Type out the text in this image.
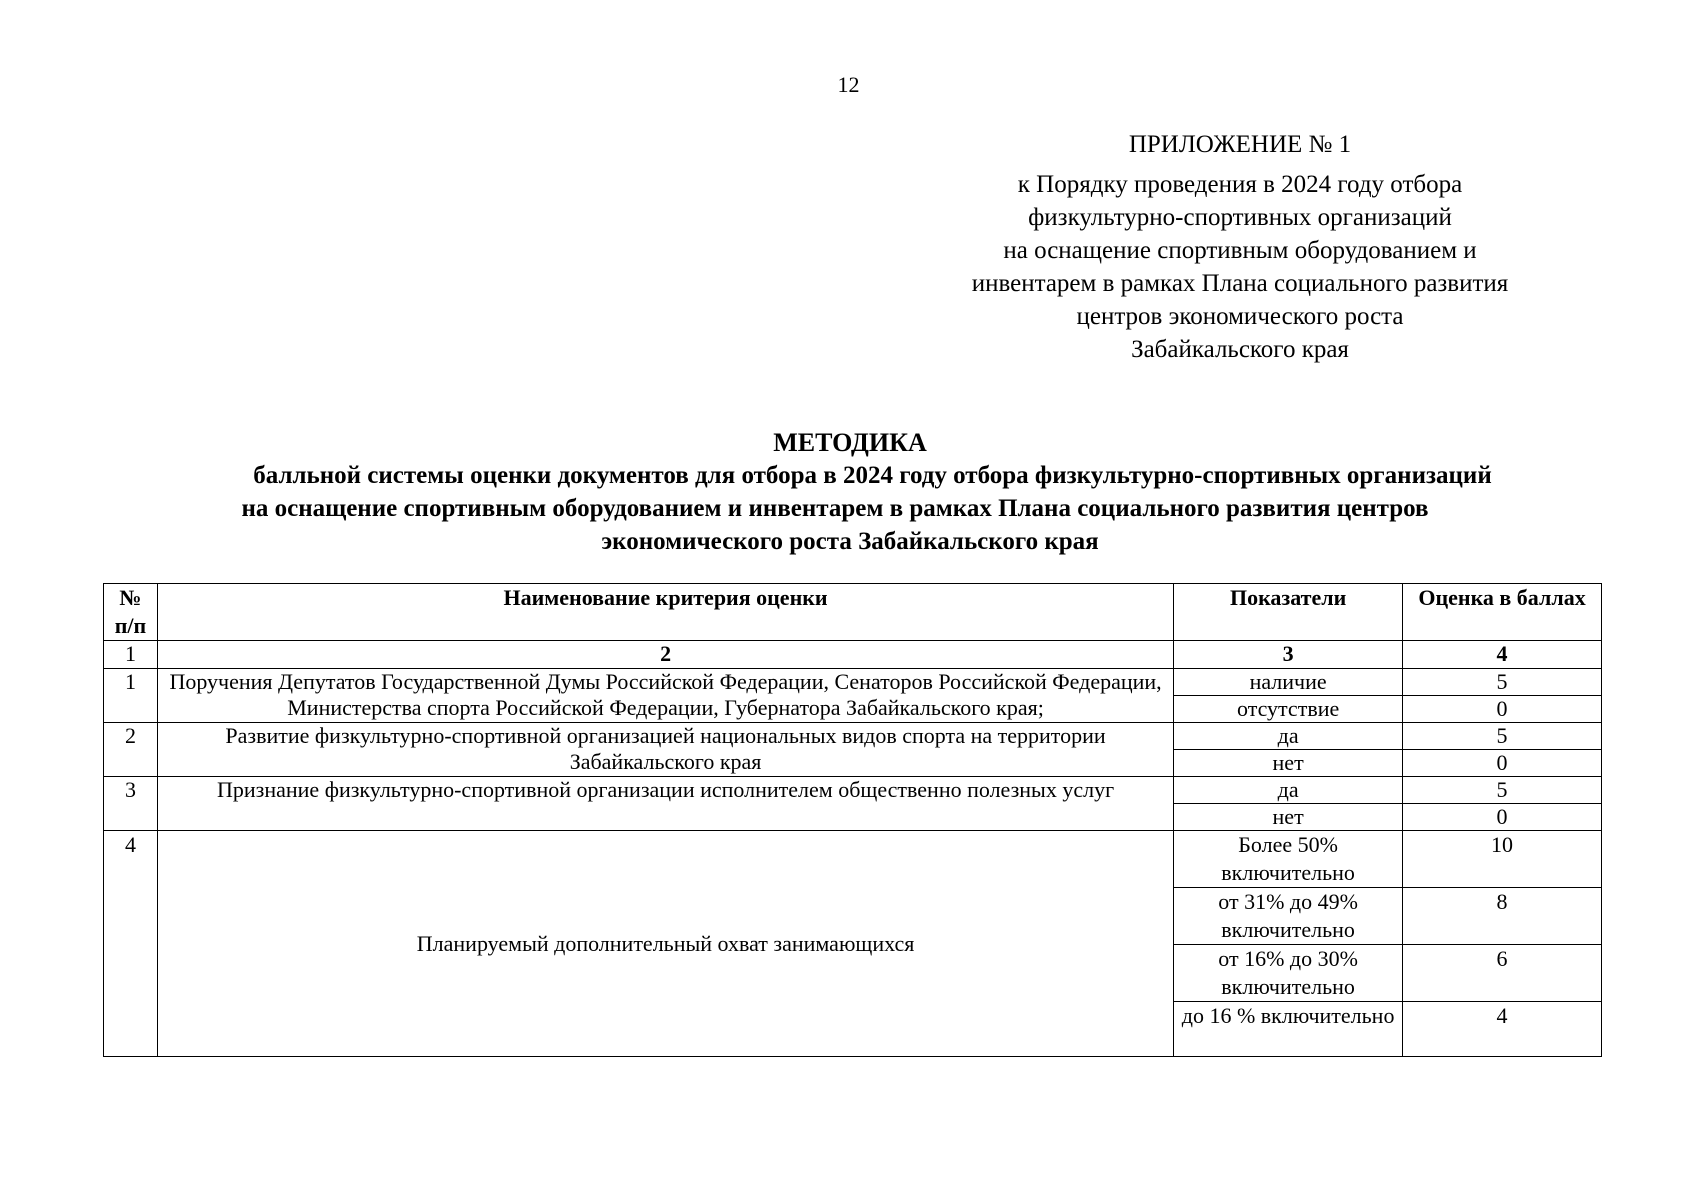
12
ПРИЛОЖЕНИЕ № 1
к Порядку проведения в 2024 году отбора
физкультурно-спортивных организаций
на оснащение спортивным оборудованием и
инвентарем в рамках Плана социального развития
центров экономического роста
Забайкальского края
МЕТОДИКА
балльной системы оценки документов для отбора в 2024 году отбора физкультурно-спортивных организаций
на оснащение спортивным оборудованием и инвентарем в рамках Плана социального развития центров
экономического роста Забайкальского края
№ п/п	Наименование критерия оценки	Показатели	Оценка в баллах
1	2	3	4
1	Поручения Депутатов Государственной Думы Российской Федерации, Сенаторов Российской Федерации, Министерства спорта Российской Федерации, Губернатора Забайкальского края;	наличие	5
		отсутствие	0
2	Развитие физкультурно-спортивной организацией национальных видов спорта на территории Забайкальского края	да	5
		нет	0
3	Признание физкультурно-спортивной организации исполнителем общественно полезных услуг	да	5
		нет	0
4	Планируемый дополнительный охват занимающихся	Более 50% включительно	10
		от 31% до 49% включительно	8
		от 16% до 30% включительно	6
		до 16 % включительно	4
